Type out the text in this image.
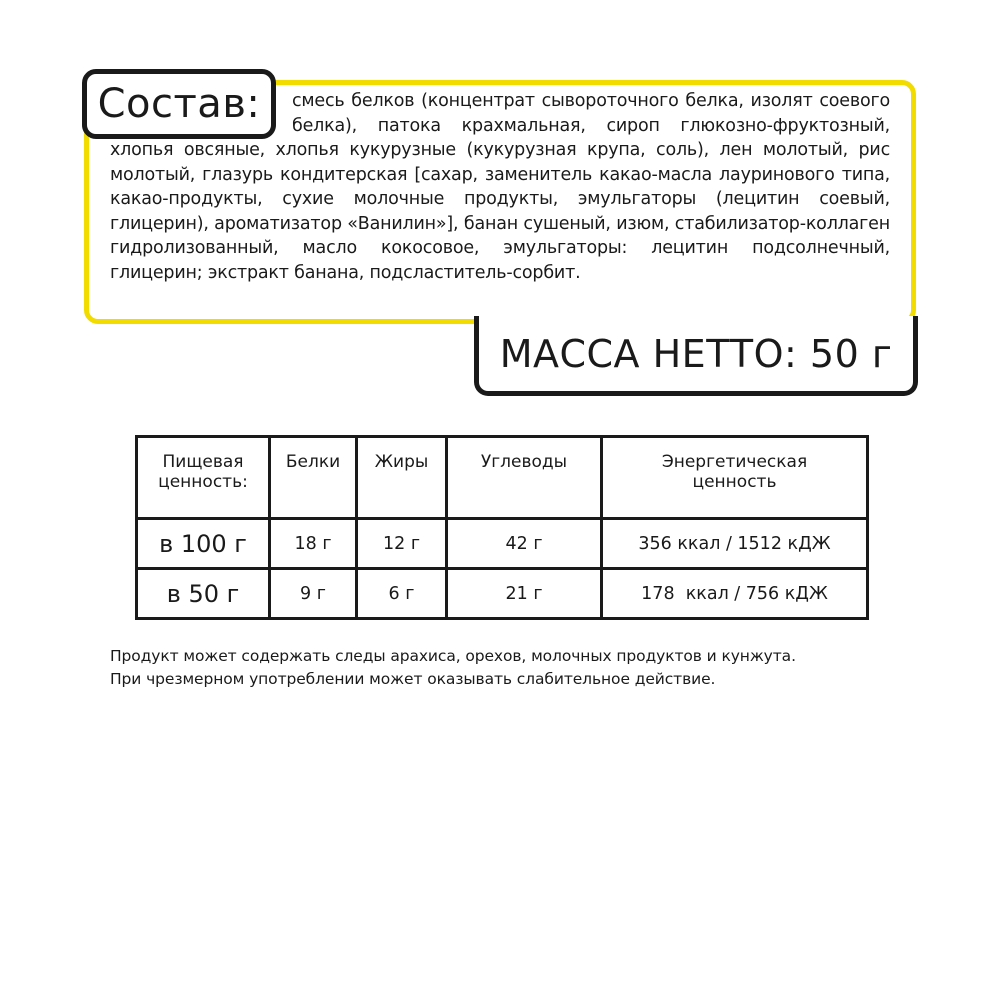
смесь белков (концентрат сывороточного белка, изолят соевого белка), патока крахмальная, сироп глюкозно-фруктозный, хлопья овсяные, хлопья кукурузные (кукурузная крупа, соль), лен молотый, рис молотый, глазурь кондитерская [сахар, заменитель какао-масла лауринового типа, какао-продукты, сухие молочные продукты, эмульгаторы (лецитин соевый, глицерин), ароматизатор «Ванилин»], банан сушеный, изюм, стабилизатор-коллаген гидролизованный, масло кокосовое, эмульгаторы: лецитин подсолнечный, глицерин; экстракт банана, подсластитель-сорбит.

Состав:
МАССА НЕТТО: 50 г
Пищевая ценность:	Белки	Жиры	Углеводы	Энергетическая ценность
в 100 г	18 г	12 г	42 г	356 ккал / 1512 кДЖ
в 50 г	9 г	6 г	21 г	178  ккал / 756 кДЖ

Продукт может содержать следы арахиса, орехов, молочных продуктов и кунжута.
При чрезмерном употреблении может оказывать слабительное действие.
